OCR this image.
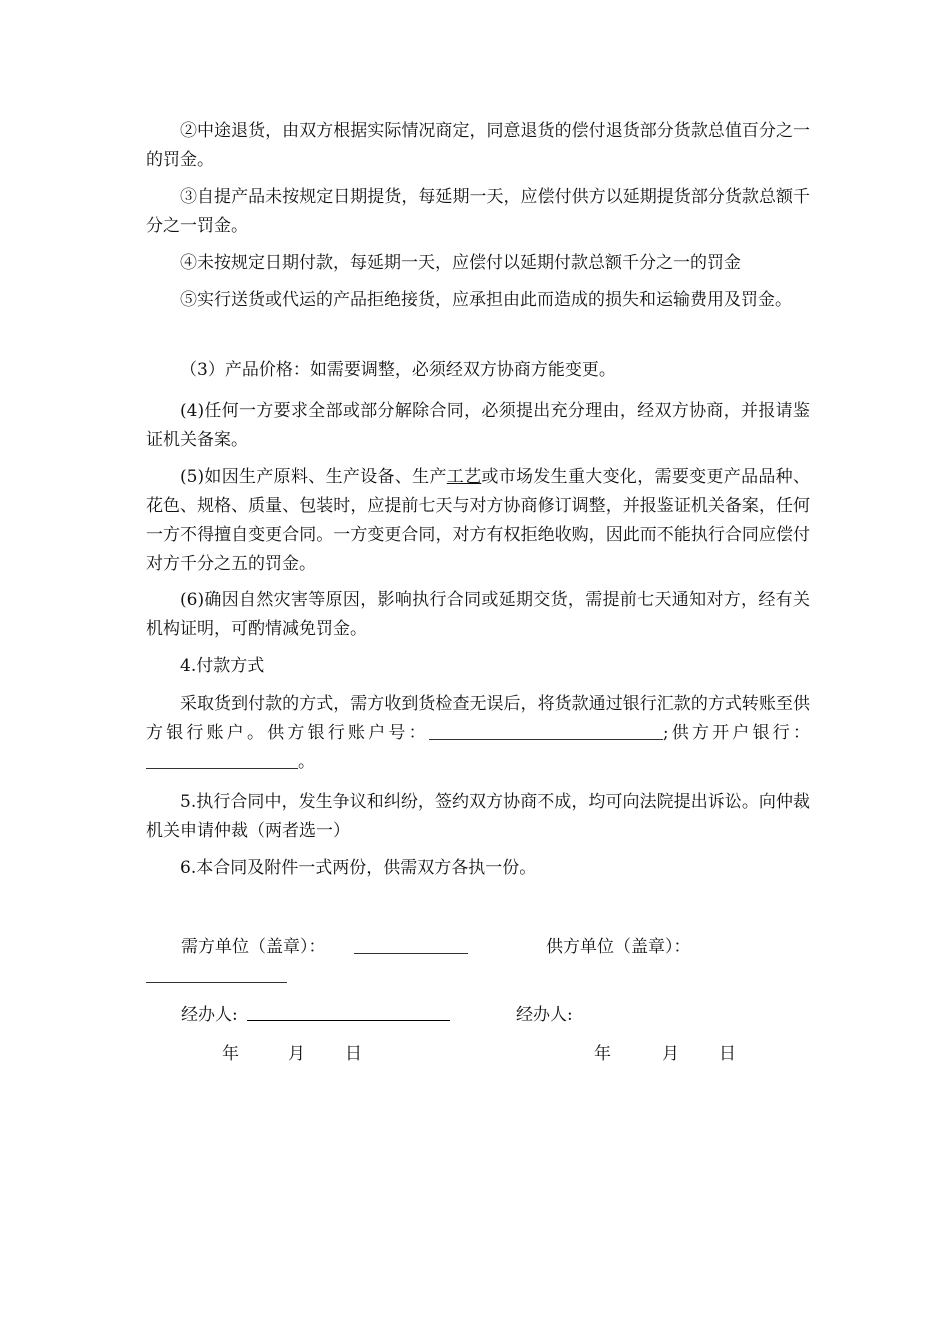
②中途退货，由双方根据实际情况商定，同意退货的偿付退货部分货款总值百分之一的罚金。

③自提产品未按规定日期提货，每延期一天，应偿付供方以延期提货部分货款总额千分之一罚金。

④未按规定日期付款，每延期一天，应偿付以延期付款总额千分之一的罚金

⑤实行送货或代运的产品拒绝接货，应承担由此而造成的损失和运输费用及罚金。

（3）产品价格：如需要调整，必须经双方协商方能变更。

(4)任何一方要求全部或部分解除合同，必须提出充分理由，经双方协商，并报请鉴证机关备案。

(5)如因生产原料、生产设备、生产工艺或市场发生重大变化，需要变更产品品种、花色、规格、质量、包装时，应提前七天与对方协商修订调整，并报鉴证机关备案，任何一方不得擅自变更合同。一方变更合同，对方有权拒绝收购，因此而不能执行合同应偿付对方千分之五的罚金。

(6)确因自然灾害等原因，影响执行合同或延期交货，需提前七天通知对方，经有关机构证明，可酌情减免罚金。

4.付款方式

采取货到付款的方式，需方收到货检查无误后，将货款通过银行汇款的方式转账至供方银行账户。供方银行账户号：	;供方开户银行：。

5.执行合同中，发生争议和纠纷，签约双方协商不成，均可向法院提出诉讼。向仲裁机关申请仲裁（两者选一）

6.本合同及附件一式两份，供需双方各执一份。

需方单位（盖章）：	供方单位（盖章）：
经办人:	经办人:
年	月 日	年	月 日
